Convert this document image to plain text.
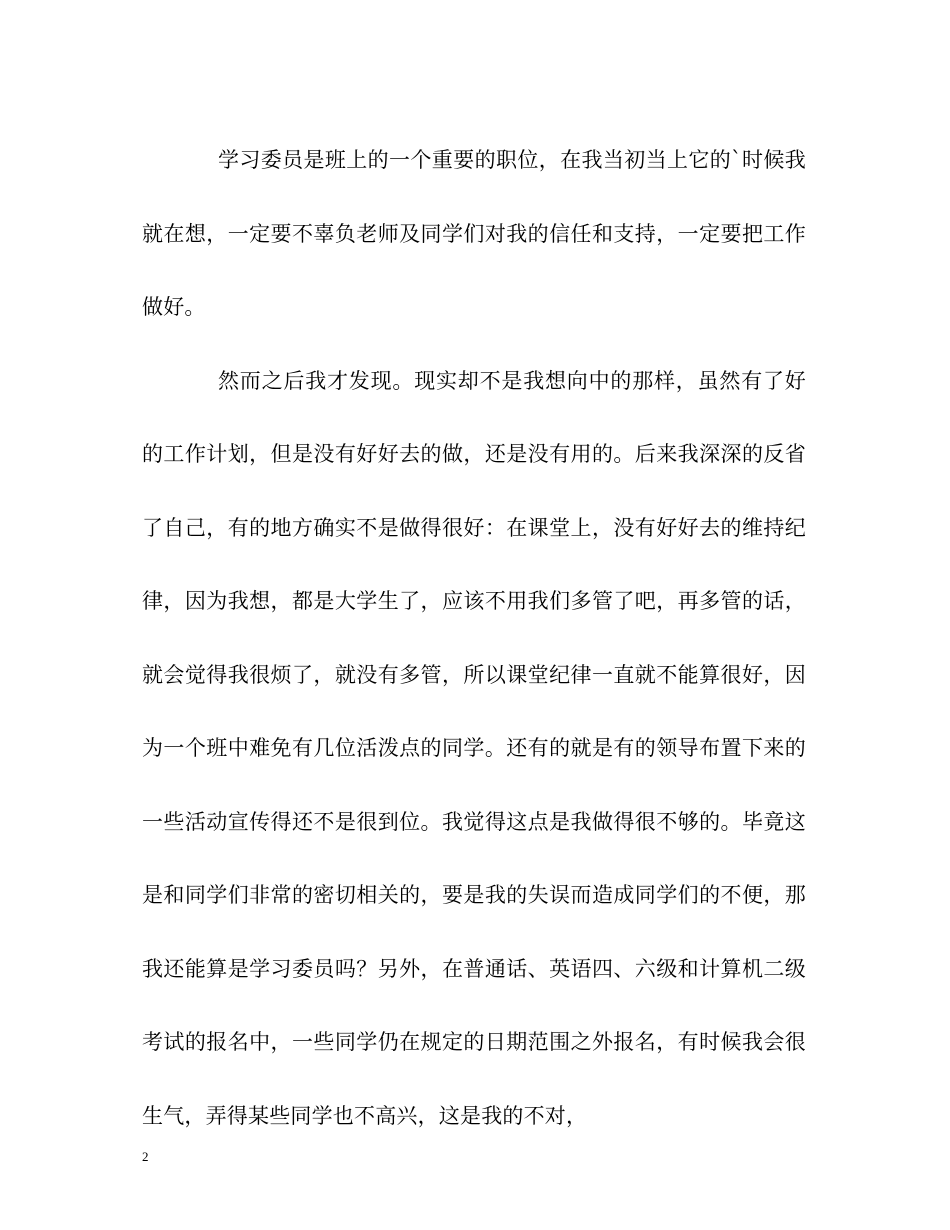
学习委员是班上的一个重要的职位，在我当初当上它的`时候我就在想，一定要不辜负老师及同学们对我的信任和支持，一定要把工作做好。

然而之后我才发现。现实却不是我想向中的那样，虽然有了好的工作计划，但是没有好好去的做，还是没有用的。后来我深深的反省了自己，有的地方确实不是做得很好：在课堂上，没有好好去的维持纪律，因为我想，都是大学生了，应该不用我们多管了吧，再多管的话，就会觉得我很烦了，就没有多管，所以课堂纪律一直就不能算很好，因为一个班中难免有几位活泼点的同学。还有的就是有的领导布置下来的一些活动宣传得还不是很到位。我觉得这点是我做得很不够的。毕竟这是和同学们非常的密切相关的，要是我的失误而造成同学们的不便，那我还能算是学习委员吗？另外，在普通话、英语四、六级和计算机二级考试的报名中，一些同学仍在规定的日期范围之外报名，有时候我会很生气，弄得某些同学也不高兴，这是我的不对，

2
